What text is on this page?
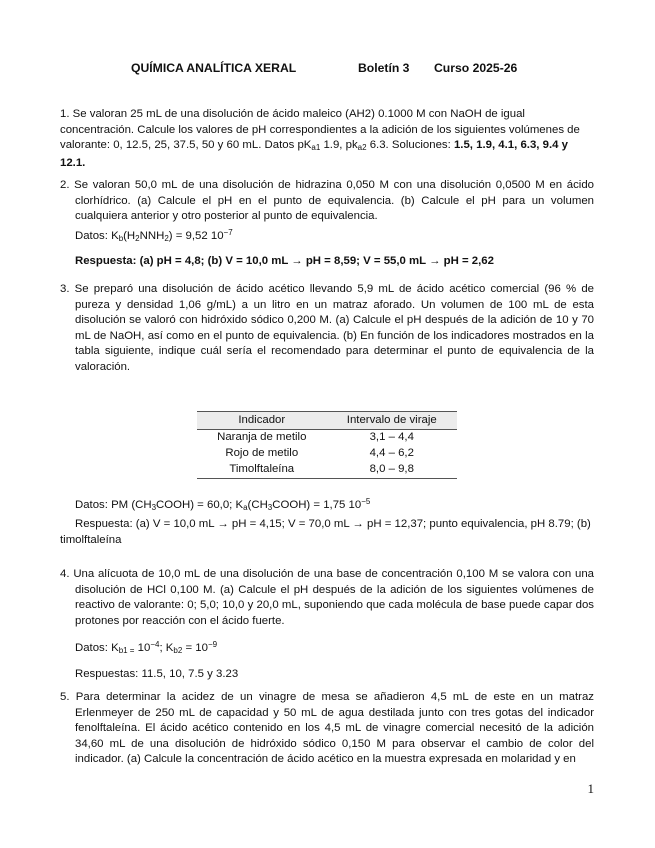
QUÍMICA ANALÍTICA XERAL	Boletín 3 Curso 2025-26

1. Se valoran 25 mL de una disolución de ácido maleico (AH2) 0.1000 M con NaOH de igual concentración. Calcule los valores de pH correspondientes a la adición de los siguientes volúmenes de valorante: 0, 12.5, 25, 37.5, 50 y 60 mL. Datos $pK_{a1}$ 1.9, $pk_{a2}$ 6.3. Soluciones: 1.5, 1.9, 4.1, 6.3, 9.4 y 12.1.

2. Se valoran 50,0 mL de una disolución de hidrazina 0,050 M con una disolución 0,0500 M en ácido clorhídrico. (a) Calcule el pH en el punto de equivalencia. (b) Calcule el pH para un volumen cualquiera anterior y otro posterior al punto de equivalencia.

Datos: $K_b(H_2NNH_2) = 9,52$ $10^{-7}$

Respuesta: (a) pH = 4,8; (b) V = 10,0 mL → pH = 8,59; V = 55,0 mL → pH = 2,62

3. Se preparó una disolución de ácido acético llevando 5,9 mL de ácido acético comercial (96 % de pureza y densidad 1,06 g/mL) a un litro en un matraz aforado. Un volumen de 100 mL de esta disolución se valoró con hidróxido sódico 0,200 M. (a) Calcule el pH después de la adición de 10 y 70 mL de NaOH, así como en el punto de equivalencia. (b) En función de los indicadores mostrados en la tabla siguiente, indique cuál sería el recomendado para determinar el punto de equivalencia de la valoración.

Indicador	Intervalo de viraje
Naranja de metilo	3,1 – 4,4
Rojo de metilo	4,4 – 6,2
Timolftaleína	8,0 – 9,8

Datos: PM $(CH_3COOH) = 60,0$; $K_a(CH_3COOH) = 1,75$ $10^{-5}$

Respuesta: (a) V = 10,0 mL → pH = 4,15; V = 70,0 mL → pH = 12,37; punto equivalencia, pH 8.79; (b) timolftaleína

4. Una alícuota de 10,0 mL de una disolución de una base de concentración 0,100 M se valora con una disolución de HCl 0,100 M. (a) Calcule el pH después de la adición de los siguientes volúmenes de reactivo de valorante: 0; 5,0; 10,0 y 20,0 mL, suponiendo que cada molécula de base puede capar dos protones por reacción con el ácido fuerte.

Datos: $K_{b1 =}$ $10^{-4}$; $K_{b2} = 10^{-9}$

Respuestas: 11.5, 10, 7.5 y 3.23

5. Para determinar la acidez de un vinagre de mesa se añadieron 4,5 mL de este en un matraz Erlenmeyer de 250 mL de capacidad y 50 mL de agua destilada junto con tres gotas del indicador fenolftaleína. El ácido acético contenido en los 4,5 mL de vinagre comercial necesitó de la adición 34,60 mL de una disolución de hidróxido sódico 0,150 M para observar el cambio de color del indicador. (a) Calcule la concentración de ácido acético en la muestra expresada en molaridad y en

1
